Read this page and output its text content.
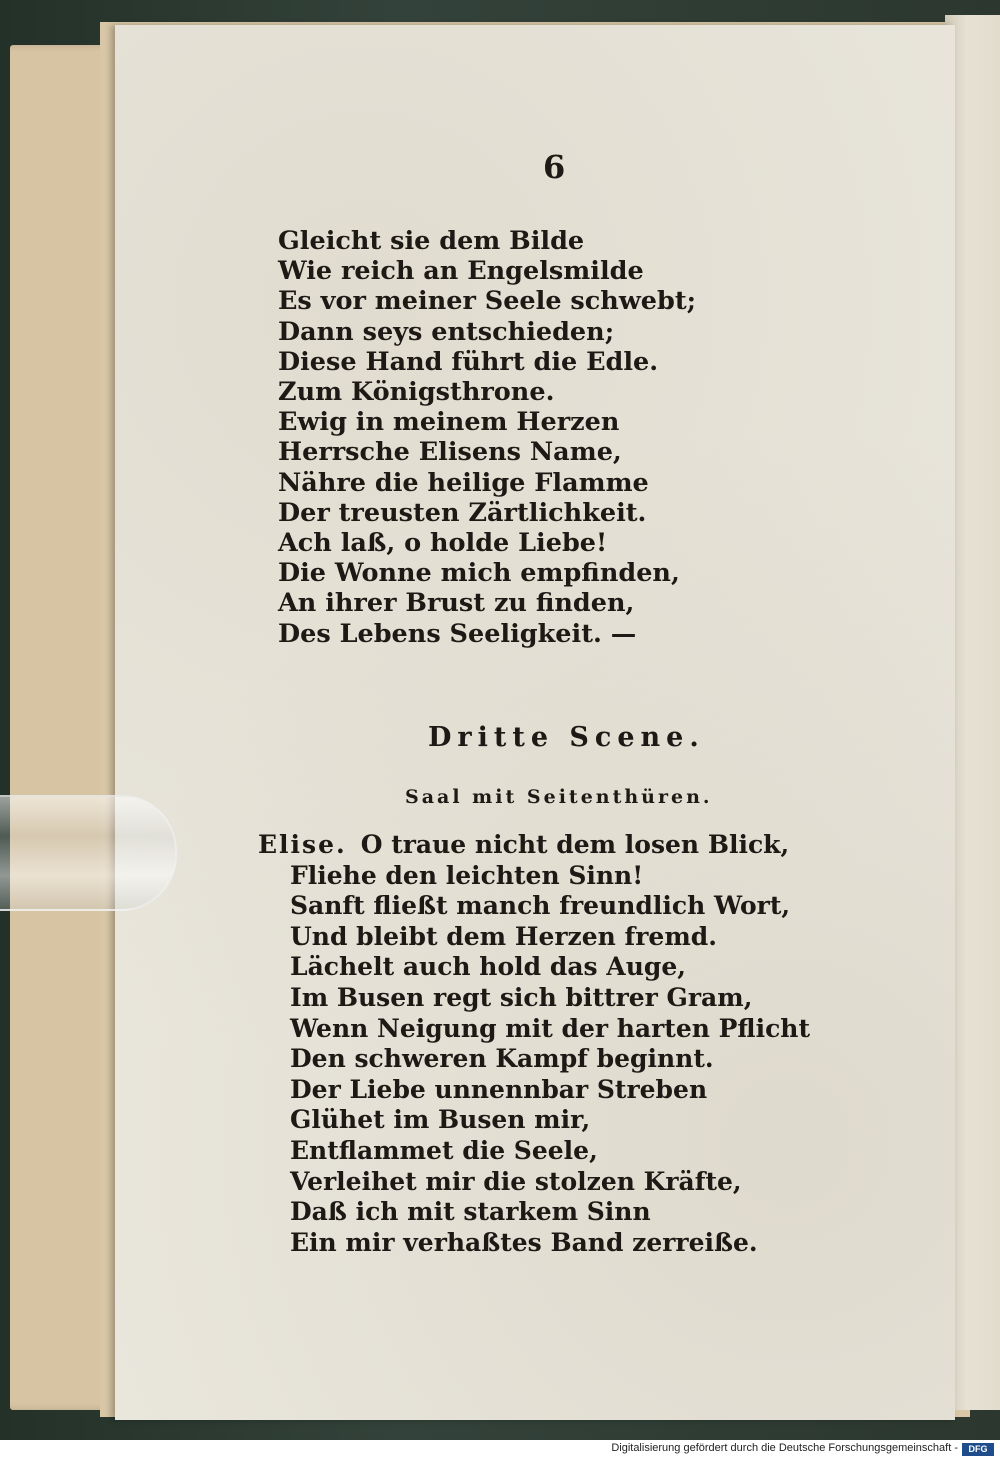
6
Gleicht sie dem Bilde
Wie reich an Engelsmilde
Es vor meiner Seele schwebt;
Dann seys entschieden;
Diese Hand führt die Edle.
Zum Königsthrone.
Ewig in meinem Herzen
Herrsche Elisens Name,
Nähre die heilige Flamme
Der treusten Zärtlichkeit.
Ach laß, o holde Liebe!
Die Wonne mich empfinden,
An ihrer Brust zu finden,
Des Lebens Seeligkeit. —
Dritte Scene.
Saal mit Seitenthüren.
Elise. O traue nicht dem losen Blick,
Fliehe den leichten Sinn!
Sanft fließt manch freundlich Wort,
Und bleibt dem Herzen fremd.
Lächelt auch hold das Auge,
Im Busen regt sich bittrer Gram,
Wenn Neigung mit der harten Pflicht
Den schweren Kampf beginnt.
Der Liebe unnennbar Streben
Glühet im Busen mir,
Entflammet die Seele,
Verleihet mir die stolzen Kräfte,
Daß ich mit starkem Sinn
Ein mir verhaßtes Band zerreiße.
Digitalisierung gefördert durch die Deutsche Forschungsgemeinschaft -	DFG
